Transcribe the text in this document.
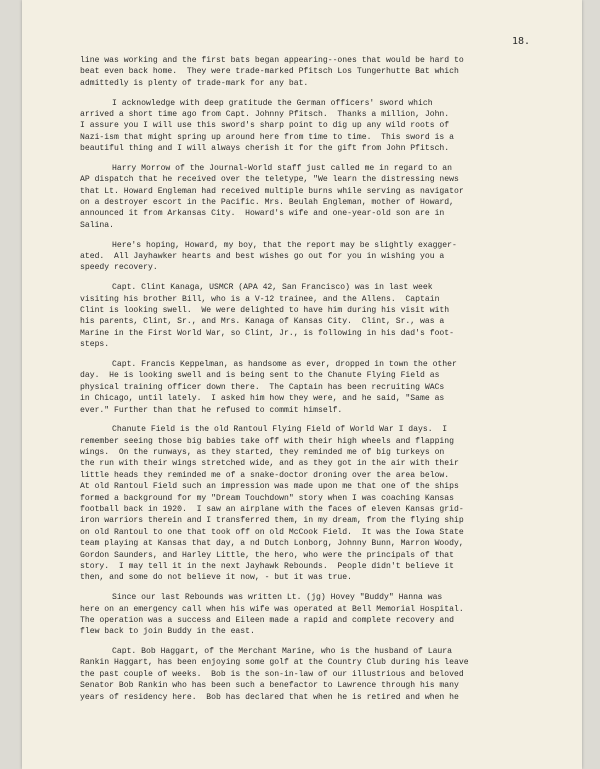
18.
line was working and the first bats began appearing--ones that would be hard to
beat even back home.  They were trade-marked Pfitsch Los Tungerhutte Bat which
admittedly is plenty of trade-mark for any bat.
I acknowledge with deep gratitude the German officers' sword which
arrived a short time ago from Capt. Johnny Pfitsch.  Thanks a million, John.
I assure you I will use this sword's sharp point to dig up any wild roots of
Nazi-ism that might spring up around here from time to time.  This sword is a
beautiful thing and I will always cherish it for the gift from John Pfitsch.
Harry Morrow of the Journal-World staff just called me in regard to an
AP dispatch that he received over the teletype, "We learn the distressing news
that Lt. Howard Engleman had received multiple burns while serving as navigator
on a destroyer escort in the Pacific. Mrs. Beulah Engleman, mother of Howard,
announced it from Arkansas City.  Howard's wife and one-year-old son are in
Salina.
Here's hoping, Howard, my boy, that the report may be slightly exagger-
ated.  All Jayhawker hearts and best wishes go out for you in wishing you a
speedy recovery.
Capt. Clint Kanaga, USMCR (APA 42, San Francisco) was in last week
visiting his brother Bill, who is a V-12 trainee, and the Allens.  Captain
Clint is looking swell.  We were delighted to have him during his visit with
his parents, Clint, Sr., and Mrs. Kanaga of Kansas City.  Clint, Sr., was a
Marine in the First World War, so Clint, Jr., is following in his dad's foot-
steps.
Capt. Francis Keppelman, as handsome as ever, dropped in town the other
day.  He is looking swell and is being sent to the Chanute Flying Field as
physical training officer down there.  The Captain has been recruiting WACs
in Chicago, until lately.  I asked him how they were, and he said, "Same as
ever." Further than that he refused to commit himself.
Chanute Field is the old Rantoul Flying Field of World War I days.  I
remember seeing those big babies take off with their high wheels and flapping
wings.  On the runways, as they started, they reminded me of big turkeys on
the run with their wings stretched wide, and as they got in the air with their
little heads they reminded me of a snake-doctor droning over the area below.
At old Rantoul Field such an impression was made upon me that one of the ships
formed a background for my "Dream Touchdown" story when I was coaching Kansas
football back in 1920.  I saw an airplane with the faces of eleven Kansas grid-
iron warriors therein and I transferred them, in my dream, from the flying ship
on old Rantoul to one that took off on old McCook Field.  It was the Iowa State
team playing at Kansas that day, a nd Dutch Lonborg, Johnny Bunn, Marron Woody,
Gordon Saunders, and Harley Little, the hero, who were the principals of that
story.  I may tell it in the next Jayhawk Rebounds.  People didn't believe it
then, and some do not believe it now, - but it was true.
Since our last Rebounds was written Lt. (jg) Hovey "Buddy" Hanna was
here on an emergency call when his wife was operated at Bell Memorial Hospital.
The operation was a success and Eileen made a rapid and complete recovery and
flew back to join Buddy in the east.
Capt. Bob Haggart, of the Merchant Marine, who is the husband of Laura
Rankin Haggart, has been enjoying some golf at the Country Club during his leave
the past couple of weeks.  Bob is the son-in-law of our illustrious and beloved
Senator Bob Rankin who has been such a benefactor to Lawrence through his many
years of residency here.  Bob has declared that when he is retired and when he
